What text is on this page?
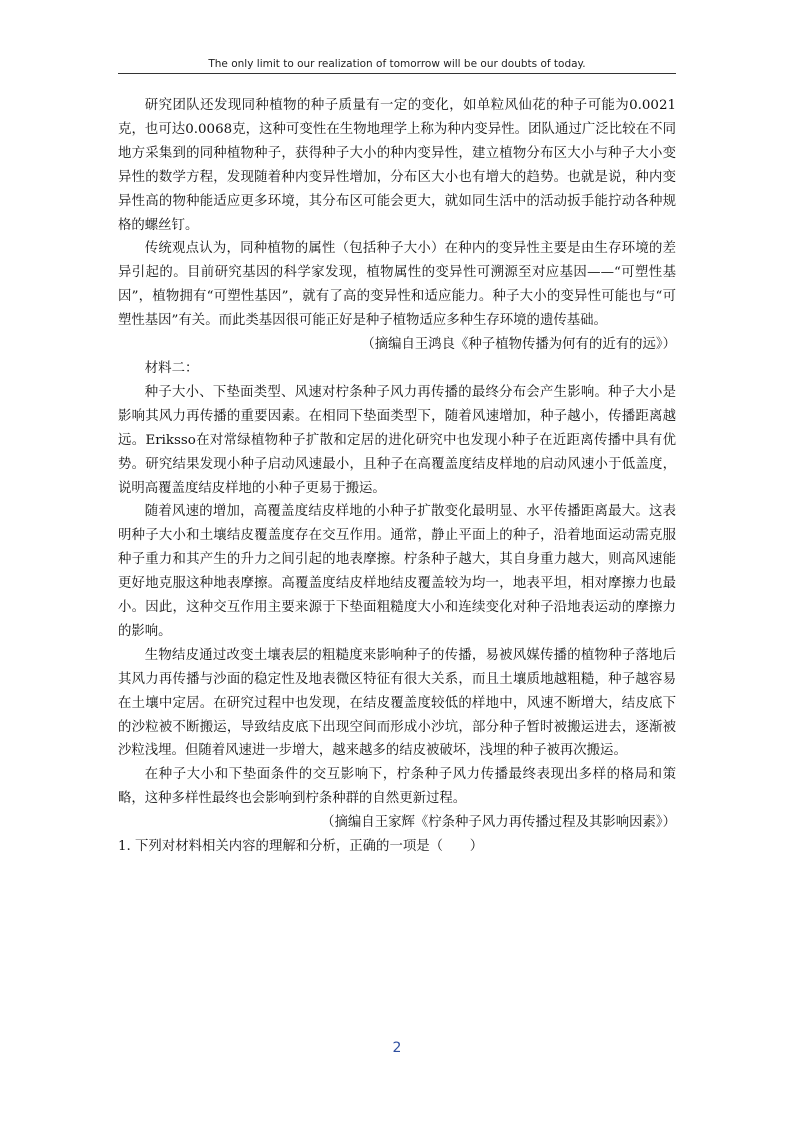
The only limit to our realization of tomorrow will be our doubts of today.

研究团队还发现同种植物的种子质量有一定的变化，如单粒风仙花的种子可能为0.0021克，也可达0.0068克，这种可变性在生物地理学上称为种内变异性。团队通过广泛比较在不同地方采集到的同种植物种子，获得种子大小的种内变异性，建立植物分布区大小与种子大小变异性的数学方程，发现随着种内变异性增加，分布区大小也有增大的趋势。也就是说，种内变异性高的物种能适应更多环境，其分布区可能会更大，就如同生活中的活动扳手能拧动各种规格的螺丝钉。

传统观点认为，同种植物的属性（包括种子大小）在种内的变异性主要是由生存环境的差异引起的。目前研究基因的科学家发现，植物属性的变异性可溯源至对应基因——“可塑性基因”，植物拥有“可塑性基因”，就有了高的变异性和适应能力。种子大小的变异性可能也与“可塑性基因”有关。而此类基因很可能正好是种子植物适应多种生存环境的遗传基础。

（摘编自王鸿良《种子植物传播为何有的近有的远》）

材料二：

种子大小、下垫面类型、风速对柠条种子风力再传播的最终分布会产生影响。种子大小是影响其风力再传播的重要因素。在相同下垫面类型下，随着风速增加，种子越小，传播距离越远。Eriksso在对常绿植物种子扩散和定居的进化研究中也发现小种子在近距离传播中具有优势。研究结果发现小种子启动风速最小，且种子在高覆盖度结皮样地的启动风速小于低盖度，说明高覆盖度结皮样地的小种子更易于搬运。

随着风速的增加，高覆盖度结皮样地的小种子扩散变化最明显、水平传播距离最大。这表明种子大小和土壤结皮覆盖度存在交互作用。通常，静止平面上的种子，沿着地面运动需克服种子重力和其产生的升力之间引起的地表摩擦。柠条种子越大，其自身重力越大，则高风速能更好地克服这种地表摩擦。高覆盖度结皮样地结皮覆盖较为均一，地表平坦，相对摩擦力也最小。因此，这种交互作用主要来源于下垫面粗糙度大小和连续变化对种子沿地表运动的摩擦力的影响。

生物结皮通过改变土壤表层的粗糙度来影响种子的传播，易被风媒传播的植物种子落地后其风力再传播与沙面的稳定性及地表微区特征有很大关系，而且土壤质地越粗糙，种子越容易在土壤中定居。在研究过程中也发现，在结皮覆盖度较低的样地中，风速不断增大，结皮底下的沙粒被不断搬运，导致结皮底下出现空间而形成小沙坑，部分种子暂时被搬运进去，逐渐被沙粒浅埋。但随着风速进一步增大，越来越多的结皮被破坏，浅埋的种子被再次搬运。

在种子大小和下垫面条件的交互影响下，柠条种子风力传播最终表现出多样的格局和策略，这种多样性最终也会影响到柠条种群的自然更新过程。

（摘编自王家辉《柠条种子风力再传播过程及其影响因素》）

1. 下列对材料相关内容的理解和分析，正确的一项是（　　）

2
